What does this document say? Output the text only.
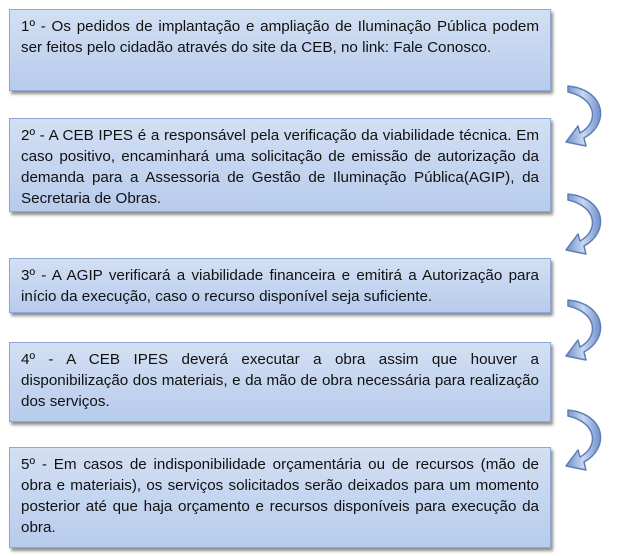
1º - Os pedidos de implantação e ampliação de Iluminação Pública podem ser feitos pelo cidadão através do site da CEB, no link: Fale Conosco.
2º - A CEB IPES é a responsável pela verificação da viabilidade técnica. Em caso positivo, encaminhará uma solicitação de emissão de autorização da demanda para a Assessoria de Gestão de Iluminação Pública(AGIP), da Secretaria de Obras.
3º - A AGIP verificará a viabilidade financeira e emitirá a Autorização para início da execução, caso o recurso disponível seja suficiente.
4º - A CEB IPES deverá executar a obra assim que houver a disponibilização dos materiais, e da mão de obra necessária para realização dos serviços.
5º - Em casos de indisponibilidade orçamentária ou de recursos (mão de obra e materiais), os serviços solicitados serão deixados para um momento posterior até que haja orçamento e recursos disponíveis para execução da obra.
